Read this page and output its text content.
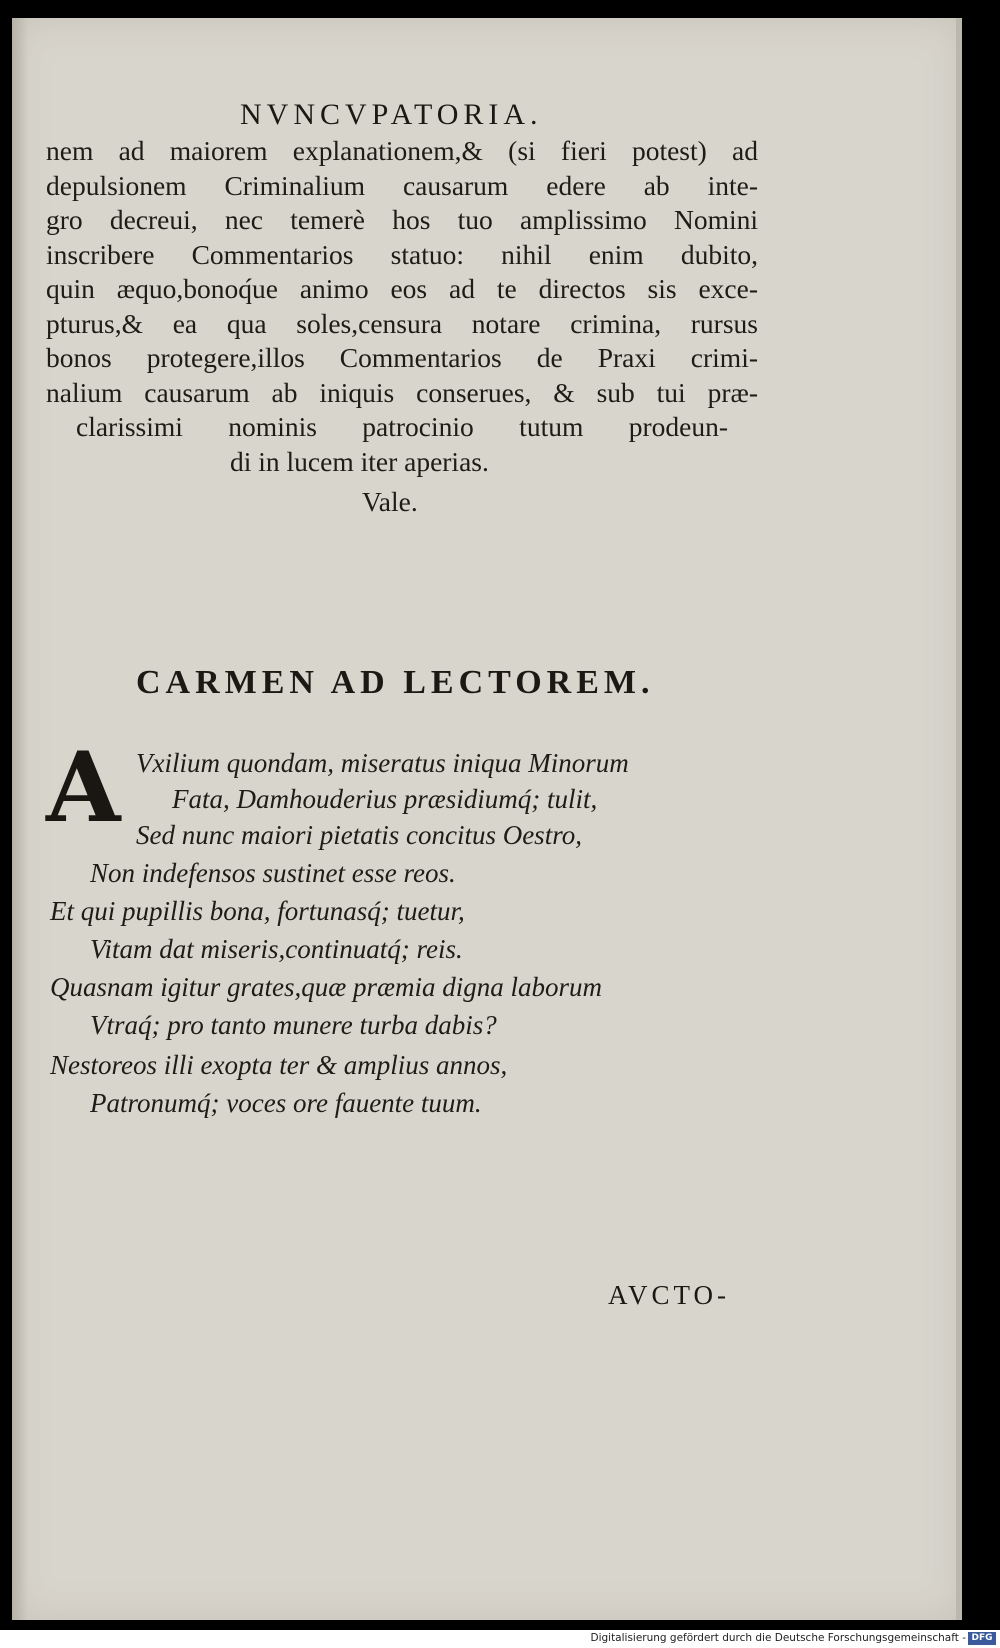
NVNCVPATORIA.
nem ad maiorem explanationem,& (si fieri potest) ad
depulsionem Criminalium causarum edere ab inte-
gro decreui, nec temerè hos tuo amplissimo Nomini
inscribere Commentarios statuo: nihil enim dubito,
quin æquo,bonoq́ue animo eos ad te directos sis exce-
pturus,& ea qua soles,censura notare crimina, rursus
bonos protegere,illos Commentarios de Praxi crimi-
nalium causarum ab iniquis conserues, & sub tui præ-
clarissimi nominis patrocinio tutum prodeun-
di in lucem iter aperias.
Vale.
CARMEN AD LECTOREM.
A Vxilium quondam, miseratus iniqua Minorum
Fata, Damhouderius præsidiumq́; tulit,
Sed nunc maiori pietatis concitus Oestro,
Non indefensos sustinet esse reos.
Et qui pupillis bona, fortunasq́; tuetur,
Vitam dat miseris,continuatq́; reis.
Quasnam igitur grates,quæ præmia digna laborum
Vtraq́; pro tanto munere turba dabis?
Nestoreos illi exopta ter & amplius annos,
Patronumq́; voces ore fauente tuum.
AVCTO-
Digitalisierung gefördert durch die Deutsche Forschungsgemeinschaft - DFG
